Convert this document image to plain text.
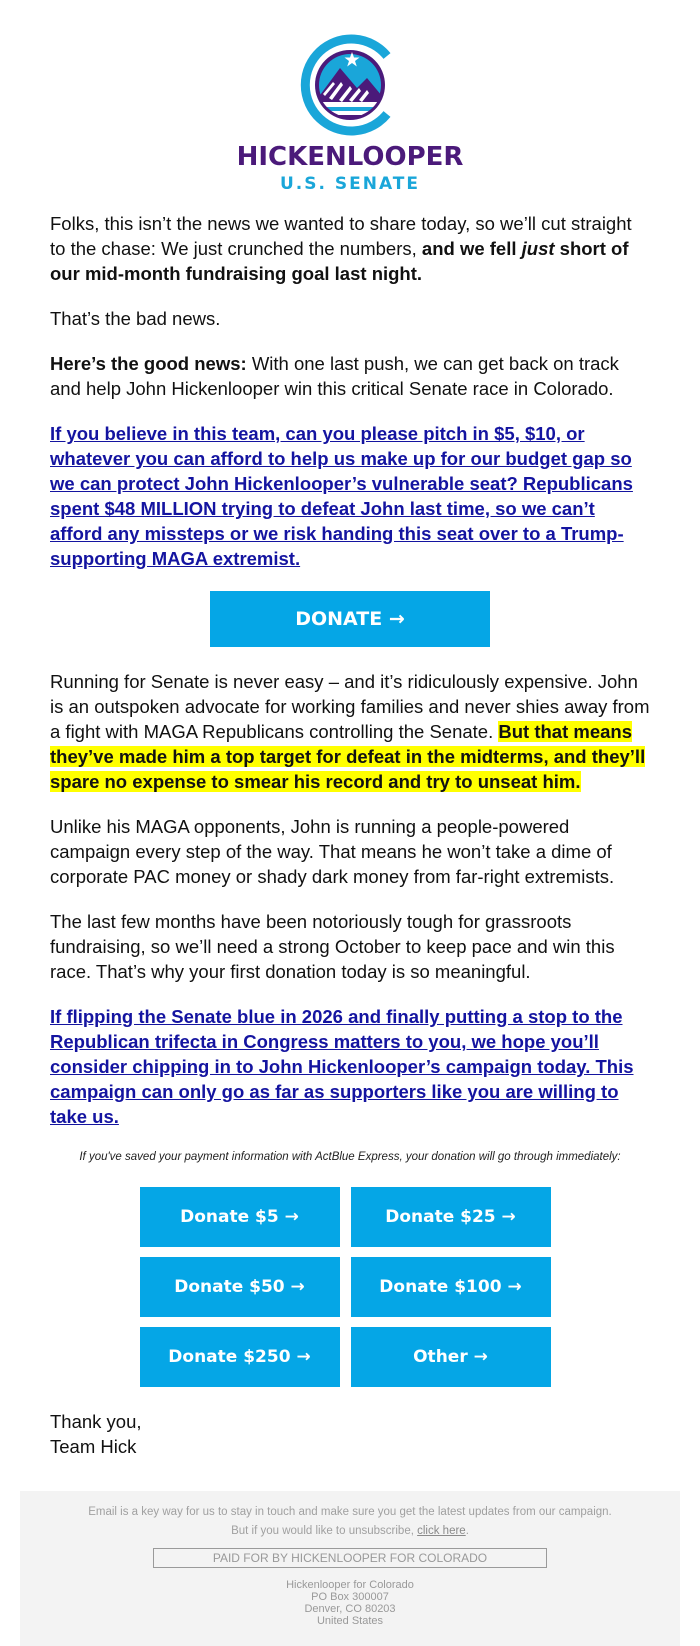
HICKENLOOPER
U.S. SENATE

Folks, this isn’t the news we wanted to share today, so we’ll cut straight to the chase: We just crunched the numbers, and we fell just short of our mid-month fundraising goal last night.

That’s the bad news.

Here’s the good news: With one last push, we can get back on track and help John Hickenlooper win this critical Senate race in Colorado.

If you believe in this team, can you please pitch in $5, $10, or whatever you can afford to help us make up for our budget gap so we can protect John Hickenlooper’s vulnerable seat? Republicans spent $48 MILLION trying to defeat John last time, so we can’t afford any missteps or we risk handing this seat over to a Trump-supporting MAGA extremist.

DONATE →

Running for Senate is never easy – and it’s ridiculously expensive. John is an outspoken advocate for working families and never shies away from a fight with MAGA Republicans controlling the Senate. But that means they’ve made him a top target for defeat in the midterms, and they’ll spare no expense to smear his record and try to unseat him.

Unlike his MAGA opponents, John is running a people-powered campaign every step of the way. That means he won’t take a dime of corporate PAC money or shady dark money from far-right extremists.

The last few months have been notoriously tough for grassroots fundraising, so we’ll need a strong October to keep pace and win this race. That’s why your first donation today is so meaningful.

If flipping the Senate blue in 2026 and finally putting a stop to the Republican trifecta in Congress matters to you, we hope you’ll consider chipping in to John Hickenlooper’s campaign today. This campaign can only go as far as supporters like you are willing to take us.

If you've saved your payment information with ActBlue Express, your donation will go through immediately:
Donate $5 →	Donate $25 →
Donate $50 →	Donate $100 →
Donate $250 →	Other →
Thank you,
Team Hick
Email is a key way for us to stay in touch and make sure you get the latest updates from our campaign. But if you would like to unsubscribe, click here.
PAID FOR BY HICKENLOOPER FOR COLORADO
Hickenlooper for Colorado
PO Box 300007
Denver, CO 80203
United States
